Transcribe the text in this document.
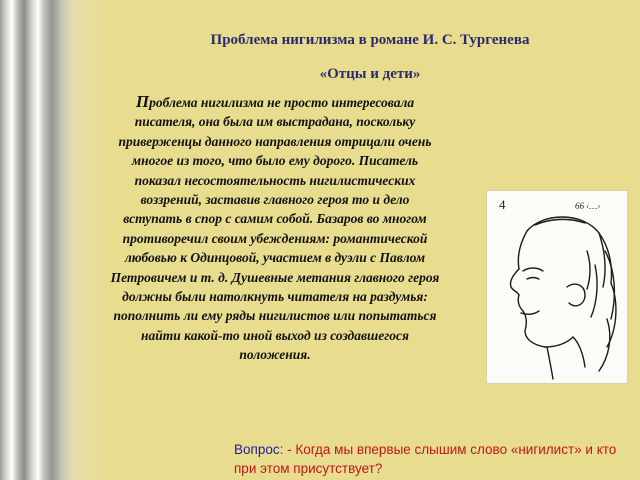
Проблема нигилизма в романе И. С. Тургенева
«Отцы и дети»

Проблема нигилизма не просто интересовала писателя, она была им выстрадана, поскольку приверженцы данного направления отрицали очень многое из того, что было ему дорого. Писатель показал несостоятельность нигилистических воззрений, заставив главного героя то и дело вступать в спор с самим собой. Базаров во многом противоречил своим убеждениям: романтической любовью к Одинцовой, участием в дуэли с Павлом Петровичем и т. д. Душевные метания главного героя должны были натолкнуть читателя на раздумья: пополнить ли ему ряды нигилистов или попытаться найти какой-то иной выход из создавшегося положения.

4	66 ‹…›

Вопрос: - Когда мы впервые слышим слово «нигилист» и кто при этом присутствует?
